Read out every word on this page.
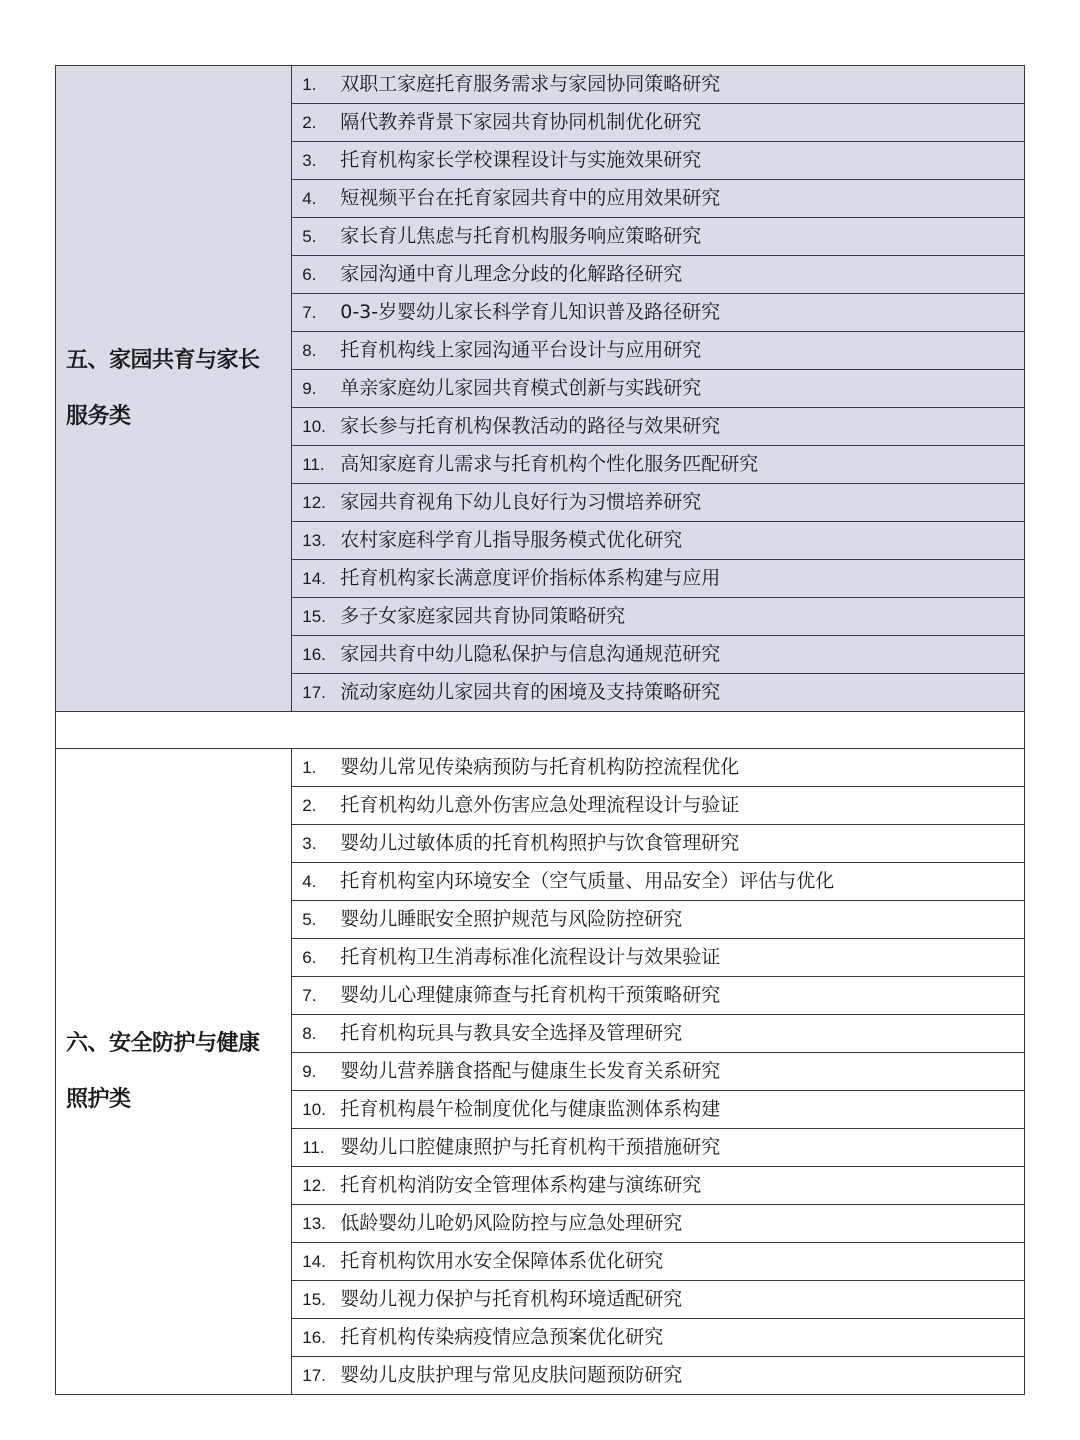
五、家园共育与家长
服务类	1. 双职工家庭托育服务需求与家园协同策略研究
	2. 隔代教养背景下家园共育协同机制优化研究
	3. 托育机构家长学校课程设计与实施效果研究
	4. 短视频平台在托育家园共育中的应用效果研究
	5. 家长育儿焦虑与托育机构服务响应策略研究
	6. 家园沟通中育儿理念分歧的化解路径研究
	7. 0-3-岁婴幼儿家长科学育儿知识普及路径研究
	8. 托育机构线上家园沟通平台设计与应用研究
	9. 单亲家庭幼儿家园共育模式创新与实践研究
	10. 家长参与托育机构保教活动的路径与效果研究
	11. 高知家庭育儿需求与托育机构个性化服务匹配研究
	12. 家园共育视角下幼儿良好行为习惯培养研究
	13. 农村家庭科学育儿指导服务模式优化研究
	14. 托育机构家长满意度评价指标体系构建与应用
	15. 多子女家庭家园共育协同策略研究
	16. 家园共育中幼儿隐私保护与信息沟通规范研究
	17. 流动家庭幼儿家园共育的困境及支持策略研究

六、安全防护与健康
照护类	1. 婴幼儿常见传染病预防与托育机构防控流程优化
	2. 托育机构幼儿意外伤害应急处理流程设计与验证
	3. 婴幼儿过敏体质的托育机构照护与饮食管理研究
	4. 托育机构室内环境安全（空气质量、用品安全）评估与优化
	5. 婴幼儿睡眠安全照护规范与风险防控研究
	6. 托育机构卫生消毒标准化流程设计与效果验证
	7. 婴幼儿心理健康筛查与托育机构干预策略研究
	8. 托育机构玩具与教具安全选择及管理研究
	9. 婴幼儿营养膳食搭配与健康生长发育关系研究
	10. 托育机构晨午检制度优化与健康监测体系构建
	11. 婴幼儿口腔健康照护与托育机构干预措施研究
	12. 托育机构消防安全管理体系构建与演练研究
	13. 低龄婴幼儿呛奶风险防控与应急处理研究
	14. 托育机构饮用水安全保障体系优化研究
	15. 婴幼儿视力保护与托育机构环境适配研究
	16. 托育机构传染病疫情应急预案优化研究
	17. 婴幼儿皮肤护理与常见皮肤问题预防研究
